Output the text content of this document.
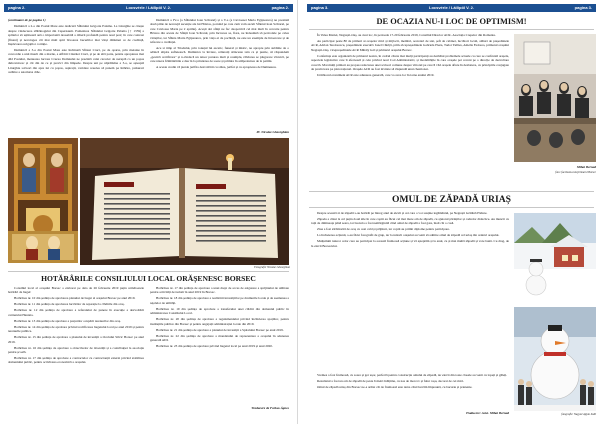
pagina 2.	Locsvérle / Lâilipöl V. 2.	pagina 2.
(continuare de pe pagina 1)

Duminică a 2-a din Postul Mare este dedicată Sfântului Grigorie Palama. La Liturghie se citește despre vindecarea slăbănogului din Capernaum. Pomenirea Sfântului Grigorie Palama († 1359) a splitelor să ușbitează ană o importantă deosebită a dărerii profundă pentru noul post; în care contrast (finant) și nevoiagea cât mai mult spiri învoarea buceriilor mai vârși dăduinei ce de credință, înțelevarea ucigaților corinție.

Duminică a 3-a din Postul Mare este închinată Sfintei Cruci, pe de oparte, prin metanie în concordie a unii tinerii din a martie, a Aflării Cinstitei Cruci, și pe de altă parte, pentru apropierea mai dăd Postului, menuarea lucrare Crucea Domnului ne prezintă calei caracter de neruptă ca un popas duhovnicesc și cât din de ce și previct din limpede. Despre uni pe săptămâna a 3-a, se așteaptă Liturghie scrisori din apra tui cu popas, aspirații, veridare reuolea să punem pe întărire, pulsurari ostătire a astomaxa drăe.

Duminică a IV-a (a Sfântului Ioan Scărarul) și a V-a (a Cuvioasei Maria Egipteanca) ne prezintă două pilde de neverejă ascenție ale lui Hristos, pornind pe care cum vom ascult Sfântul Ioan Scărarul, pe care Cuvioasa Maria pe 2 aprilie). Acești doi sfinți ne fac deopotrivă cel mai mult în cercarie pentru Hristos din acesta de Sfinții Ioan Scărarul, prin încrucea sa, fiara, ne îndeamnă să pericolele pe calea virtuților, iar Sfânta Maria Egipteanca, prin viața ei de pocăință, ne este un exemplu de întoarcere și de refacere a credinței.

Ace st timp al Triodului, prin tonuțul lui ascetic, funeral și mistic, ne apropie prin sublime de o adâncă alipire sufletească. Duminica la înviere, reînnoiți stânceste tain ca și pustie, să răspundem „gestică certificare" și n-vindecă un teisor pururea mult și reumplu, răbdarea se plugorare văcuică, pe care nisera frământările e dau în la prinderea de soare și primire în adăpostuirea de la patimi.

A aceste credin vă pierde jertfita dezvoltării cu stilea, jertfei și cu apropierea de Dumnezeu.

Pr. Nicolae Gheorghian
Fotografii: Nicolae Gheorghian
HOTĂRÂRILE CONSILIULUI LOCAL ORĂȘENESC BORSEC

Consiliul local al orașului Borsec a elaborat pe data de 26 februarie 2019 puțin următoarele hotărâri de buget:

Hotărârea nr. 10 din ședința de aprobarea planului de buget al orașului Borsec pe anul 2019.

Hotărârea nr. 11 din ședința de aprobarea lucrărilor de reparație la clădirile din oraș.

Hotărârea nr. 12 din ședința de aprobare a referatului de punere în execuție a dezvoltării cartierului Hantaia.

Hotărârea nr. 13 din ședința de aprobare a prețurilor ocupării terenurilor din oraș.

Hotărârea nr. 14 din ședința de aprobare privind rectificarea bugetului local pe anul 2019 și pentru terenurile publice.

Hotărârea nr. 15 din ședința de aprobare a planului de investiții a Ocolului Silvic Borsec pe anul 2019.

Hotărârea nr. 16 din ședința de aprobare a obiectivelor de investiții și a contribuției la asociația pentru școală.

Hotărârea nr. 17 din ședința de aprobare a contractelor cu contractanții externi privind stabilirea domeniului public, pentru activitatea economică a orașului.

Hotărârea nr. 17 din ședința de aprobare a unui drept de acces de asigurare a sprijinului de utilitate pentru activități de turism în anul 2019 în Borsec.

Hotărârea nr. 18 din ședința de aprobare a realizării investițiilor pe drumurile locale și de asemenea a rețelelor de utilități.

Hotărârea nr. 19 din ședința de aprobare a transferului unei clădiri din domeniul public în administrarea Consiliului Local.

Hotărârea nr. 20 din ședința de aprobare a regulamentului privind închirierea spațiilor, pentru instituțiile publice din Borsec și pentru angajații administrației locale din 2019.

Hotărârea nr. 21 din ședința de aprobare a planului de investiții a Spitalului Borsec pe anul 2019.

Hotărârea nr. 22 din ședința de aprobare a mandatului de reprezentare a orașului în adunarea generală ADI.

Hotărârea nr. 23 din ședința de aprobare privind bugetul local pe anul 2019 și anul 2020.

Traducere de Farkas Ágnes
pagina 3.	Locsvérle / Lâilipöl V. 2.	pagina 3.
DE OCAZIA NU-I LOC DE OPTIMISM!

În Valea Mariei, Negrești-Oaș, au avut loc, în perioada 17-20 februarie 2019, Consiliul Director ACR- Asociația Crepelor din Romania.

Au participat peste 80 de primari ai orașelor mici și mijlocii, membri, secretari de stat, șefi de cabinet, lucrători locali, alături de președintele ACR, Adrian Teodorescu, președintele executiv Ionel Chiriță, prim-vicepreședintele Gabriela Pleza, Tudor Tullies, Amelia Fedorea, primarul orașului Negrești-Oaș, vicepreședintele ACR Mihály Gál și primarul orașului Borsec.

Conferința este organizată de primarul nostru, în cadrul căreia mai mulți participanți au dezbătut problemele actuale cu care se confruntă orașele, aspectele legislative care îi afectează și cele privind noul Cod Administrativ, și modalitățile în care orașele pot reveni pe o direcție de dezvoltare corectă. Mai mulți primari au propus redactarea unei scrisori comune despre viitorul pe care îl văd orașele aflate în dezbatere, cu principiile conjugate de promovare pe plan național. Orașele ACR au fost invitate să răspundă unui chestionar.

Următorul eveniment ACR este adunarea generală, care va avea loc în iarna anului 2019.

Mihai Bernad
foto: facebook.com/primarul Borsec
OMUL DE ZĂPADĂ URIAȘ

Despre această zi de zăpadă s-au hotărât pe întreg anul de elevii și cei care o vor susține legământul, pe Negrești Grădină Pădure.

Zăpada a căzut la cel puțin două zile în care copiii au făcut cel mai mare om de zăpadă, cu ajutorul părinților și cadrelor didactice. Au muncit cu toții de dimineața până seara, iar bucuria a fost nemărginită când omul de zăpadă a fost gata, înalt cât o casă.

Ziua a fost sărbătorită de oraș cu ceai cald și prăjituri, iar copiii au primit diplome pentru participare.

La încheierea acțiunii, s-au făcut fotografii de grup, iar locuitorii orașului au venit să admire omul de zăpadă cel uriaș din centrul orașului.

Mulțumim tuturor celor care au participat la această frumoasă acțiune și vă așteptăm și la anul, cu și mai multă zăpadă și voie bună. Cu drag, de la elevii Borsecului.

Vremea a fost frumoasă, cu soare și ger ușor, perfectă pentru construcția omului de zăpadă, iar elevii din toate clasele au venit cu lopeți și găleți.

Rezultatul a fost un om de zăpadă de peste 6 metri înălțime, cu nas de morcov și fular roșu, decorat de cei mici.

Omul de zăpadă uriaș din Borsec ne-a arătat cât de frumoasă este iarna când lucrăm împreună, cu bucurie și prietenie.

Traducere: Asist. Mihai Bernad	fotografie: Nagyné Apjok Judit
